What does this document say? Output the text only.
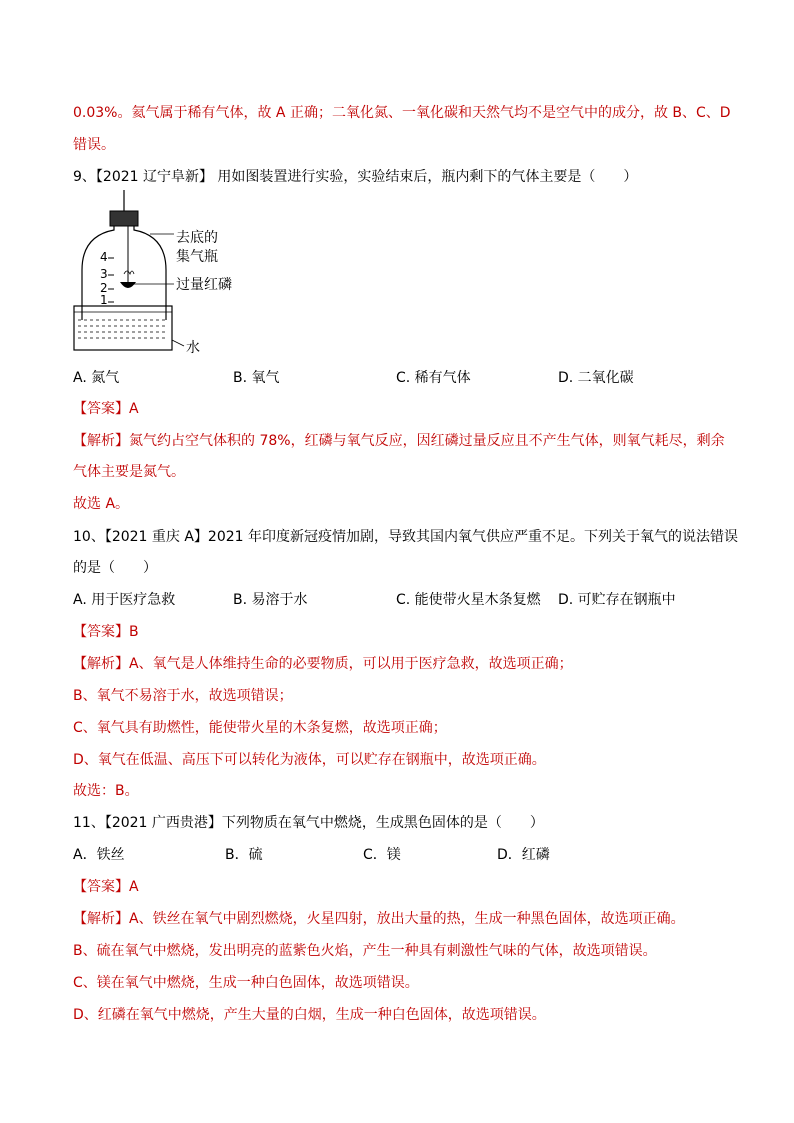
0.03%。氦气属于稀有气体，故 A 正确；二氧化氮、一氧化碳和天然气均不是空气中的成分，故 B、C、D
错误。
9、【2021 辽宁阜新】 用如图装置进行实验，实验结束后，瓶内剩下的气体主要是（　　）
4
3
2
1
去底的
集气瓶
过量红磷
水
A. 氮气	B. 氧气	C. 稀有气体	D. 二氧化碳
【答案】A
【解析】氮气约占空气体积的 78%，红磷与氧气反应，因红磷过量反应且不产生气体，则氧气耗尽，剩余
气体主要是氮气。
故选 A。
10、【2021 重庆 A】2021 年印度新冠疫情加剧，导致其国内氧气供应严重不足。下列关于氧气的说法错误
的是（　　）
A. 用于医疗急救	B. 易溶于水	C. 能使带火星木条复燃 D. 可贮存在钢瓶中
【答案】B
【解析】A、氧气是人体维持生命的必要物质，可以用于医疗急救，故选项正确；
B、氧气不易溶于水，故选项错误；
C、氧气具有助燃性，能使带火星的木条复燃，故选项正确；
D、氧气在低温、高压下可以转化为液体，可以贮存在钢瓶中，故选项正确。
故选：B。
11、【2021 广西贵港】下列物质在氧气中燃烧，生成黑色固体的是（　　）
A．铁丝	B．硫	C．镁	D．红磷
【答案】A
【解析】A、铁丝在氧气中剧烈燃烧，火星四射，放出大量的热，生成一种黑色固体，故选项正确。
B、硫在氧气中燃烧，发出明亮的蓝紫色火焰，产生一种具有刺激性气味的气体，故选项错误。
C、镁在氧气中燃烧，生成一种白色固体，故选项错误。
D、红磷在氧气中燃烧，产生大量的白烟，生成一种白色固体，故选项错误。
